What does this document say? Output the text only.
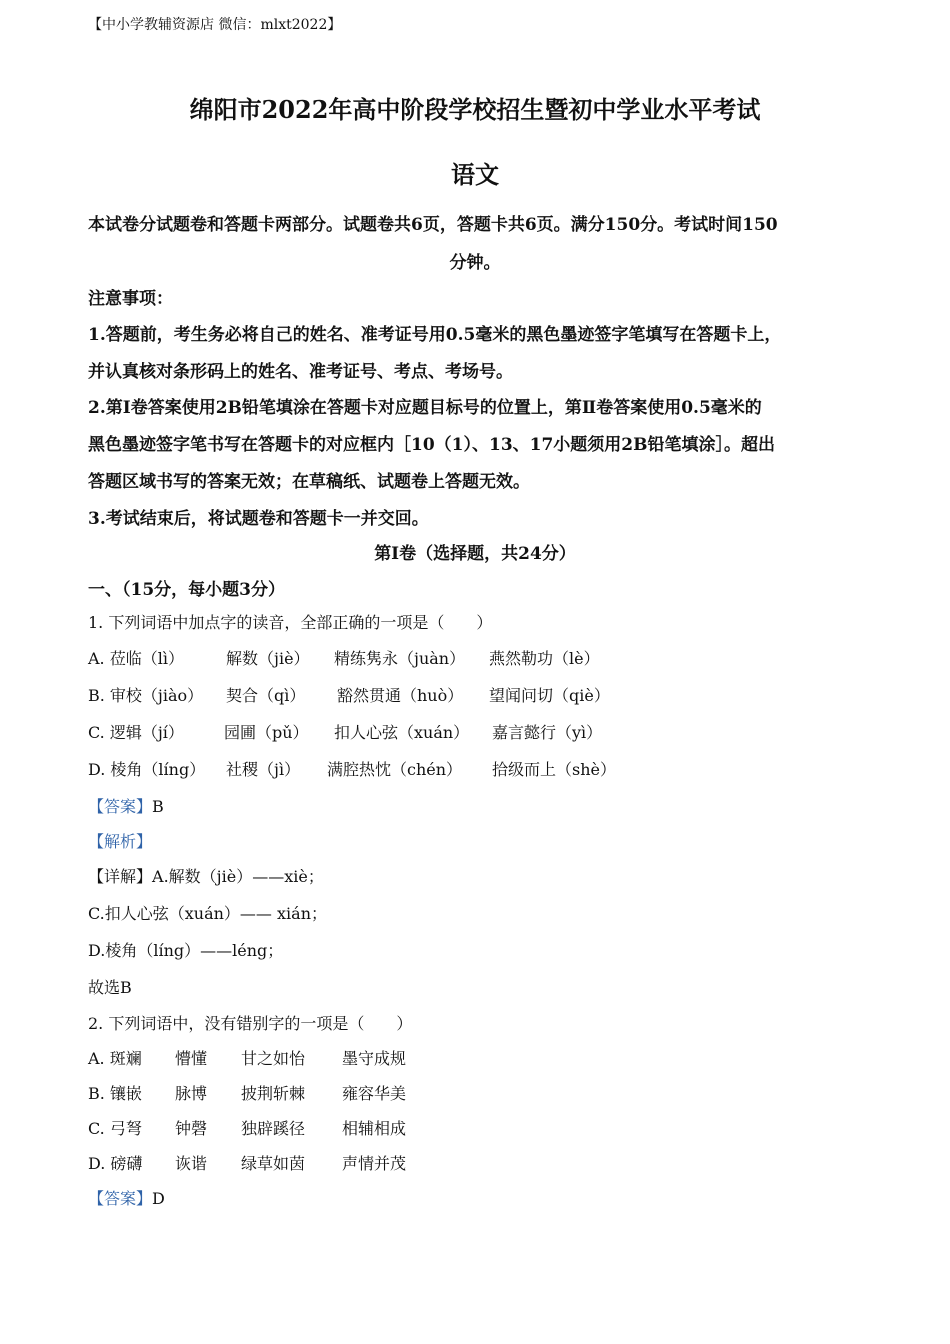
【中小学教辅资源店 微信：mlxt2022】
绵阳市2022年高中阶段学校招生暨初中学业水平考试
语文
本试卷分试题卷和答题卡两部分。试题卷共6页，答题卡共6页。满分150分。考试时间150
分钟。
注意事项：
1.答题前，考生务必将自己的姓名、准考证号用0.5毫米的黑色墨迹签字笔填写在答题卡上，
并认真核对条形码上的姓名、准考证号、考点、考场号。
2.第Ⅰ卷答案使用2B铅笔填涂在答题卡对应题目标号的位置上，第Ⅱ卷答案使用0.5毫米的
黑色墨迹签字笔书写在答题卡的对应框内［10（1）、13、17小题须用2B铅笔填涂］。超出
答题区域书写的答案无效；在草稿纸、试题卷上答题无效。
3.考试结束后，将试题卷和答题卡一并交回。
第Ⅰ卷（选择题，共24分）
一、（15分，每小题3分）
1. 下列词语中加点字的读音，全部正确的一项是（　　）
A. 莅临（lì）	解数（jiè） 精练隽永（juàn） 燕然勒功（lè）
B. 审校（jiào） 契合（qì） 豁然贯通（huò） 望闻问切（qiè）
C. 逻辑（jí）	园圃（pǔ） 扣人心弦（xuán） 嘉言懿行（yì）
D. 棱角（líng） 社稷（jì） 满腔热忱（chén） 拾级而上（shè）
【答案】B
【解析】
【详解】A.解数（jiè）——xiè；
C.扣人心弦（xuán）—— xián；
D.棱角（líng）——léng；
故选B
2. 下列词语中，没有错别字的一项是（　　）
A. 斑斓 懵懂 甘之如怡 墨守成规
B. 镶嵌 脉博 披荆斩棘 雍容华美
C. 弓弩 钟磬 独辟蹊径 相辅相成
D. 磅礴 诙谐 绿草如茵 声情并茂
【答案】D
